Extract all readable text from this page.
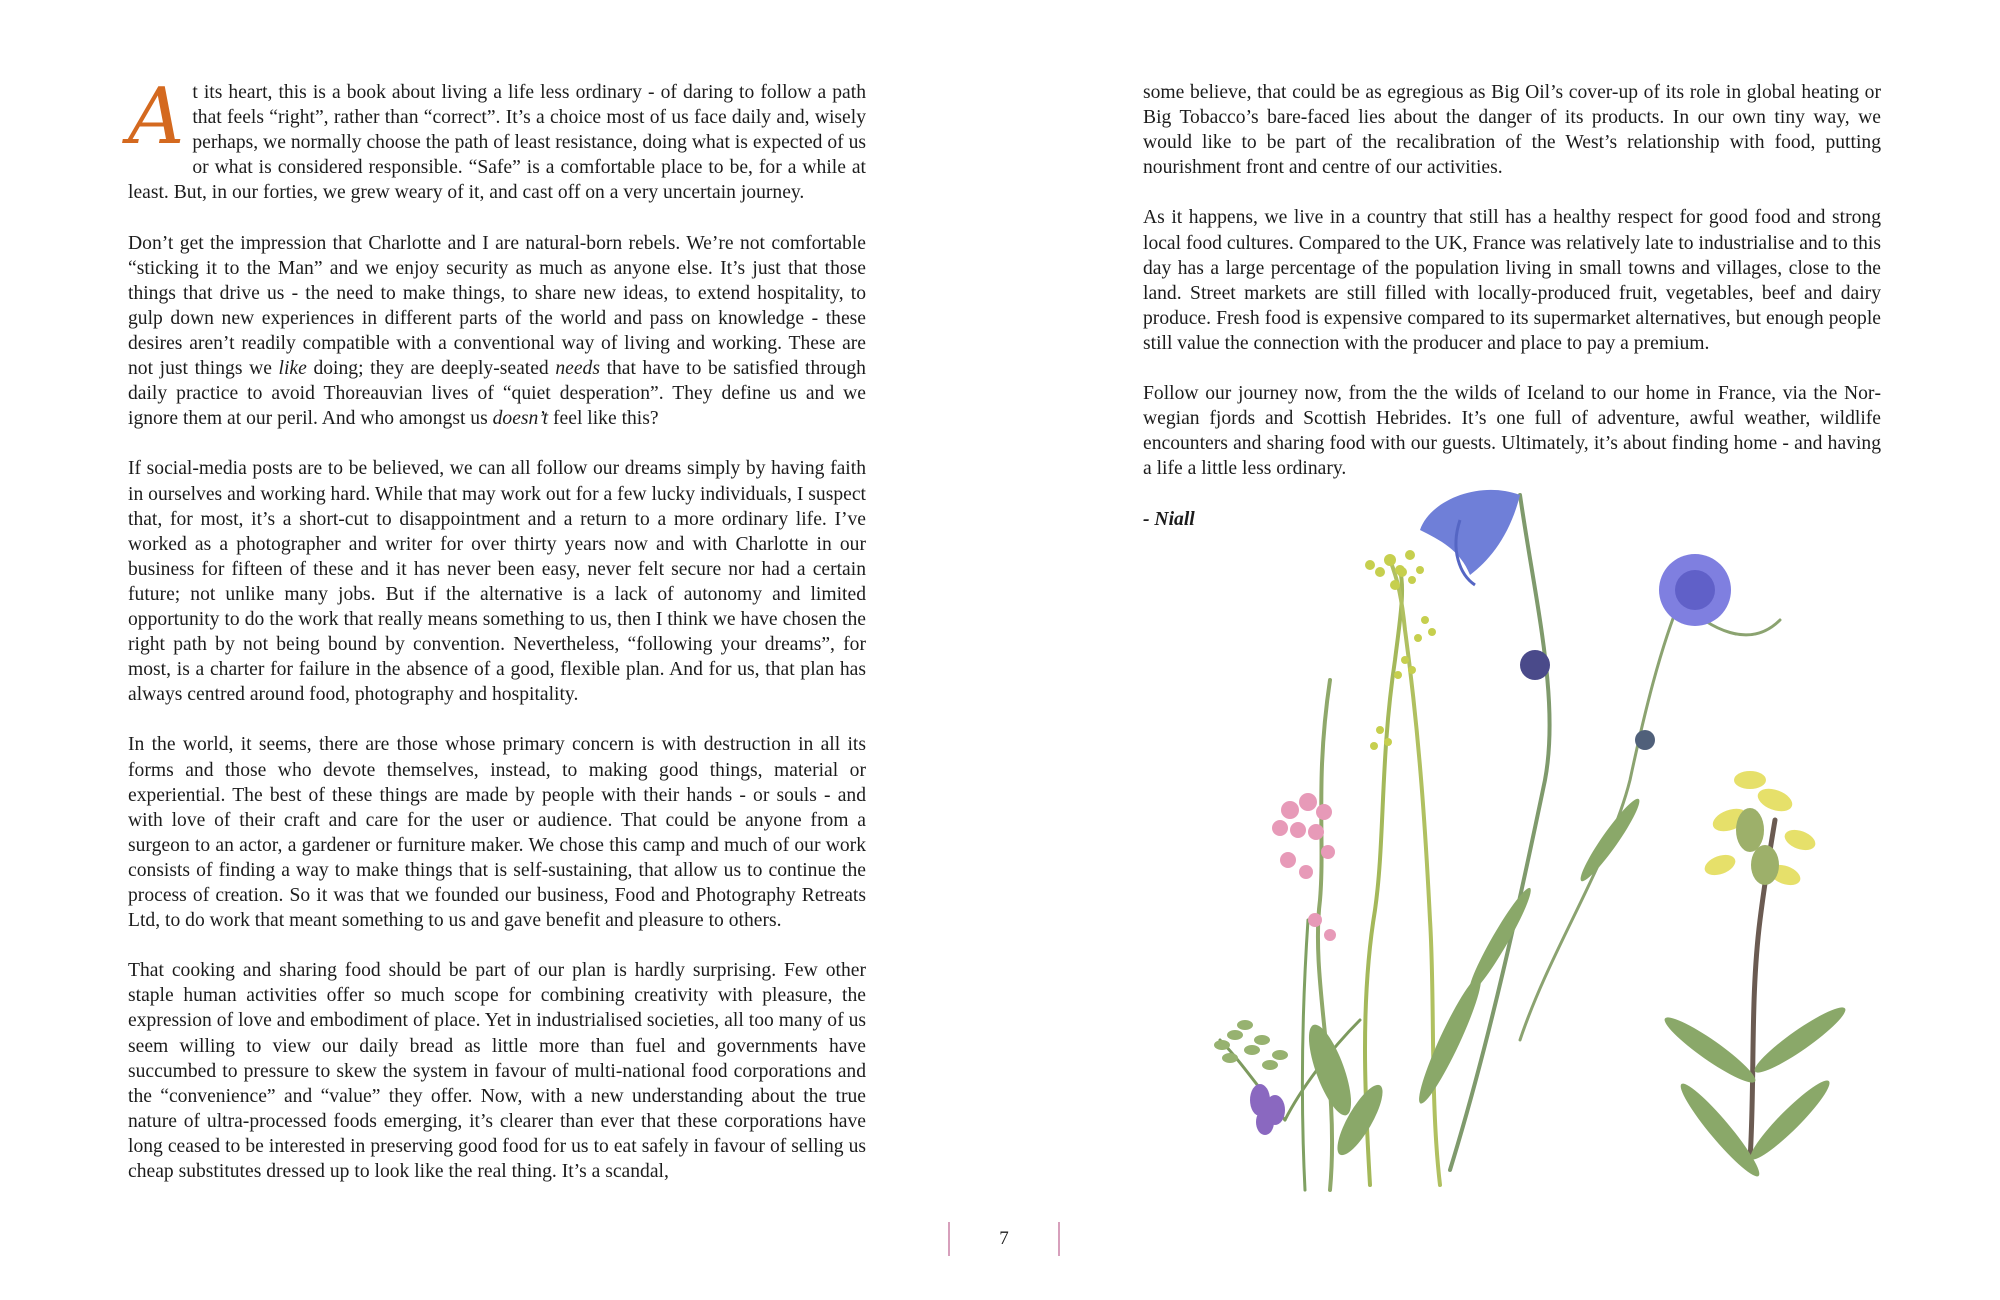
At its heart, this is a book about living a life less ordinary - of daring to follow a path that feels “right”, rather than “correct”. It’s a choice most of us face daily and, wisely perhaps, we normally choose the path of least resistance, doing what is expected of us or what is considered responsible. “Safe” is a comfortable place to be, for a while at least. But, in our forties, we grew weary of it, and cast off on a very uncertain journey.

Don’t get the impression that Charlotte and I are natural-born rebels. We’re not comfortable “sticking it to the Man” and we enjoy security as much as anyone else. It’s just that those things that drive us - the need to make things, to share new ideas, to extend hospitality, to gulp down new experiences in different parts of the world and pass on knowledge - these desires aren’t readily compatible with a conventional way of living and working. These are not just things we like doing; they are deeply-seated needs that have to be satisfied through daily practice to avoid Thoreauvian lives of “quiet desperation”. They define us and we ignore them at our peril. And who amongst us doesn’t feel like this?

If social-media posts are to be believed, we can all follow our dreams simply by having faith in ourselves and working hard. While that may work out for a few lucky individuals, I suspect that, for most, it’s a short-cut to disappointment and a return to a more ordinary life. I’ve worked as a photographer and writer for over thirty years now and with Charlotte in our business for fifteen of these and it has never been easy, never felt secure nor had a certain future; not unlike many jobs. But if the alternative is a lack of autonomy and limited opportunity to do the work that really means something to us, then I think we have chosen the right path by not being bound by convention. Nevertheless, “following your dreams”, for most, is a charter for failure in the absence of a good, flexible plan. And for us, that plan has always centred around food, photography and hospitality.

In the world, it seems, there are those whose primary concern is with destruction in all its forms and those who devote themselves, instead, to making good things, material or experiential. The best of these things are made by people with their hands - or souls - and with love of their craft and care for the user or audience. That could be anyone from a surgeon to an actor, a gardener or furniture maker. We chose this camp and much of our work consists of finding a way to make things that is self-sustaining, that allow us to continue the process of creation. So it was that we founded our business, Food and Photography Retreats Ltd, to do work that meant something to us and gave benefit and pleasure to others.

That cooking and sharing food should be part of our plan is hardly surprising. Few other staple human activities offer so much scope for combining creativity with pleasure, the expression of love and embodiment of place. Yet in industrialised societies, all too many of us seem willing to view our daily bread as little more than fuel and governments have succumbed to pressure to skew the system in favour of multi-national food corporations and the “convenience” and “value” they offer. Now, with a new understanding about the true nature of ultra-processed foods emerging, it’s clearer than ever that these corporations have long ceased to be interested in preserving good food for us to eat safely in favour of selling us cheap substitutes dressed up to look like the real thing. It’s a scandal,

some believe, that could be as egregious as Big Oil’s cover-up of its role in global heating or Big Tobacco’s bare-faced lies about the danger of its products. In our own tiny way, we would like to be part of the recalibration of the West’s relationship with food, putting nourishment front and centre of our activities.

As it happens, we live in a country that still has a healthy respect for good food and strong local food cultures. Compared to the UK, France was relatively late to industrialise and to this day has a large percentage of the population living in small towns and villages, close to the land. Street markets are still filled with locally-produced fruit, vegetables, beef and dairy produce. Fresh food is expensive compared to its supermarket alternatives, but enough people still value the connection with the producer and place to pay a premium.

Follow our journey now, from the the wilds of Iceland to our home in France, via the Norwegian fjords and Scottish Hebrides. It’s one full of adventure, awful weather, wildlife encounters and sharing food with our guests. Ultimately, it’s about finding home - and having a life a little less ordinary.

- Niall

7
